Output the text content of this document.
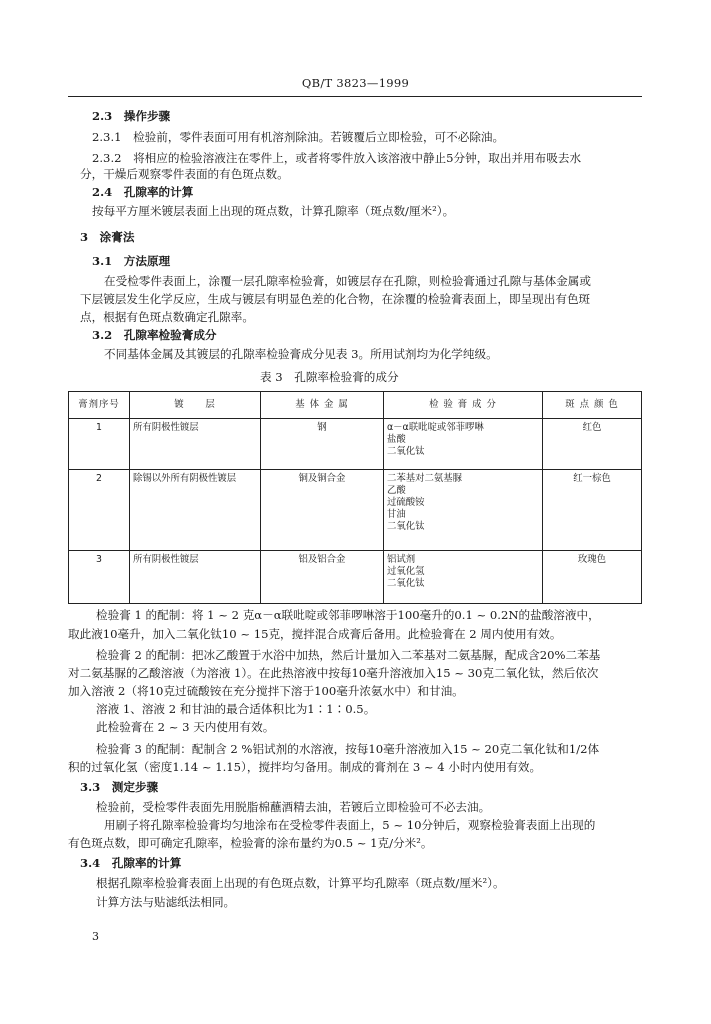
QB/T 3823—1999
2.3　操作步骤
2.3.1　检验前，零件表面可用有机溶剂除油。若镀覆后立即检验，可不必除油。
2.3.2　将相应的检验溶液注在零件上，或者将零件放入该溶液中静止5分钟，取出并用布吸去水
分，干燥后观察零件表面的有色斑点数。
2.4　孔隙率的计算
按每平方厘米镀层表面上出现的斑点数，计算孔隙率（斑点数/厘米²）。
3　涂膏法
3.1　方法原理
在受检零件表面上，涂覆一层孔隙率检验膏，如镀层存在孔隙，则检验膏通过孔隙与基体金属或
下层镀层发生化学反应，生成与镀层有明显色差的化合物，在涂覆的检验膏表面上，即呈现出有色斑
点，根据有色斑点数确定孔隙率。
3.2　孔隙率检验膏成分
不同基体金属及其镀层的孔隙率检验膏成分见表 3。所用试剂均为化学纯级。
表 3　孔隙率检验膏的成分
膏剂序号	镀　　层	基 体 金 属	检 验 膏 成 分	斑 点 颜 色
1	所有阴极性镀层	钢	α－α联吡啶或邻菲啰啉
盐酸
二氧化钛	红色
2	除锡以外所有阴极性镀层	铜及铜合金	二苯基对二氨基脲
乙酸
过硫酸铵
甘油
二氧化钛	红一棕色
3	所有阴极性镀层	铝及铝合金	铝试剂
过氧化氢
二氧化钛	玫瑰色
检验膏 1 的配制：将 1 ~ 2 克α－α联吡啶或邻菲啰啉溶于100毫升的0.1 ~ 0.2N的盐酸溶液中，
取此液10毫升，加入二氧化钛10 ~ 15克，搅拌混合成膏后备用。此检验膏在 2 周内使用有效。
检验膏 2 的配制：把冰乙酸置于水浴中加热，然后计量加入二苯基对二氨基脲，配成含20%二苯基
对二氨基脲的乙酸溶液（为溶液 1）。在此热溶液中按每10毫升溶液加入15 ~ 30克二氧化钛，然后依次
加入溶液 2（将10克过硫酸铵在充分搅拌下溶于100毫升浓氨水中）和甘油。
溶液 1、溶液 2 和甘油的最合适体积比为1∶1∶0.5。
此检验膏在 2 ~ 3 天内使用有效。
检验膏 3 的配制：配制含 2 %铝试剂的水溶液，按每10毫升溶液加入15 ~ 20克二氧化钛和1/2体
积的过氧化氢（密度1.14 ~ 1.15），搅拌均匀备用。制成的膏剂在 3 ~ 4 小时内使用有效。
3.3　测定步骤
检验前，受检零件表面先用脱脂棉蘸酒精去油，若镀后立即检验可不必去油。
用刷子将孔隙率检验膏均匀地涂布在受检零件表面上，5 ~ 10分钟后，观察检验膏表面上出现的
有色斑点数，即可确定孔隙率，检验膏的涂布量约为0.5 ~ 1克/分米²。
3.4　孔隙率的计算
根据孔隙率检验膏表面上出现的有色斑点数，计算平均孔隙率（斑点数/厘米²）。
计算方法与贴滤纸法相同。
3
